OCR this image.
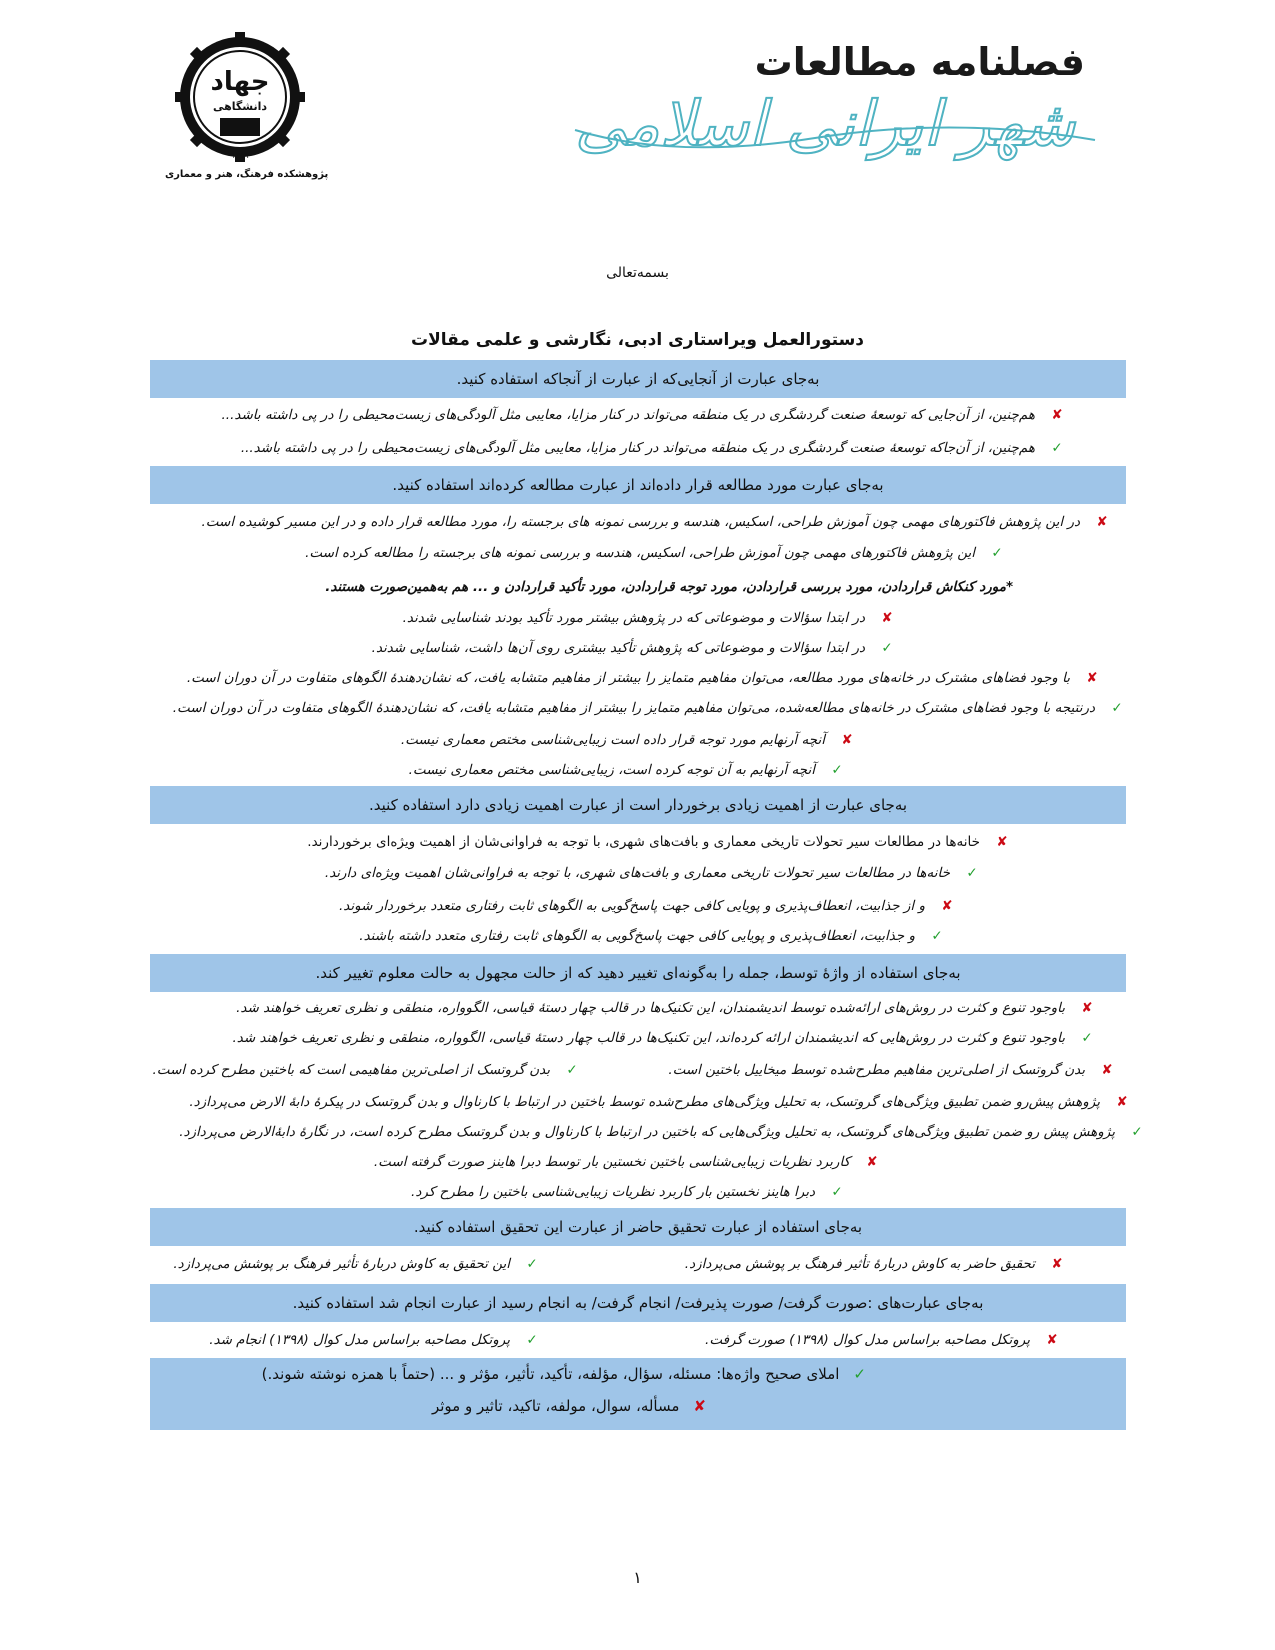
جهاد
دانشگاهی
۱۳۵۹
پژوهشکده فرهنگ، هنر و معماری
فصلنامه مطالعات
شهر ایرانی اسلامی
بسمه‌تعالی
دستورالعمل ویراستاری ادبی، نگارشی و علمی مقالات
به‌جای عبارت از آنجایی‌که از عبارت از آنجاکه استفاده کنید.
✘هم‌چنین، از آن‌جایی که توسعهٔ صنعت گردشگری در یک منطقه می‌تواند در کنار مزایا، معایبی مثل آلودگی‌های زیست‌محیطی را در پی داشته باشد...
✓هم‌چنین، از آن‌جاکه توسعهٔ صنعت گردشگری در یک منطقه می‌تواند در کنار مزایا، معایبی مثل آلودگی‌های زیست‌محیطی را در پی داشته باشد...
به‌جای عبارت مورد مطالعه قرار داده‌اند از عبارت مطالعه کرده‌اند استفاده کنید.
✘در این پژوهش فاکتورهای مهمی چون آموزش طراحی، اسکیس، هندسه و بررسی نمونه های برجسته را، مورد مطالعه قرار داده و در این مسیر کوشیده است.
✓این پژوهش فاکتورهای مهمی چون آموزش طراحی، اسکیس، هندسه و بررسی نمونه های برجسته را مطالعه کرده است.
*مورد کنکاش قراردادن، مورد بررسی قراردادن، مورد توجه قراردادن، مورد تأکید قراردادن و ... هم به‌همین‌صورت هستند.
✘در ابتدا سؤالات و موضوعاتی که در پژوهش بیشتر مورد تأکید بودند شناسایی شدند.
✓در ابتدا سؤالات و موضوعاتی که پژوهش تأکید بیشتری روی آن‌ها داشت، شناسایی شدند.
✘با وجود فضاهای مشترک در خانه‌های مورد مطالعه، می‌توان مفاهیم متمایز را بیشتر از مفاهیم متشابه یافت، که نشان‌دهندهٔ الگوهای متفاوت در آن دوران است.
✓درنتیجه با وجود فضاهای مشترک در خانه‌های مطالعه‌شده، می‌توان مفاهیم متمایز را بیشتر از مفاهیم متشابه یافت، که نشان‌دهندهٔ الگوهای متفاوت در آن دوران است.
✘آنچه آرنهایم مورد توجه قرار داده است زیبایی‌شناسی مختص معماری نیست.
✓آنچه آرنهایم به آن توجه کرده است، زیبایی‌شناسی مختص معماری نیست.
به‌جای عبارت از اهمیت زیادی برخوردار است از عبارت اهمیت زیادی دارد استفاده کنید.
✘خانه‌ها در مطالعات سیر تحولات تاریخی معماری و بافت‌های شهری، با توجه به فراوانی‌شان از اهمیت ویژه‌ای برخوردارند.
✓خانه‌ها در مطالعات سیر تحولات تاریخی معماری و بافت‌های شهری، با توجه به فراوانی‌شان اهمیت ویژه‌ای دارند.
✘و از جذابیت، انعطاف‌پذیری و پویایی کافی جهت پاسخ‌گویی به الگوهای ثابت رفتاری متعدد برخوردار شوند.
✓و جذابیت، انعطاف‌پذیری و پویایی کافی جهت پاسخ‌گویی به الگوهای ثابت رفتاری متعدد داشته باشند.
به‌جای استفاده از واژهٔ توسط، جمله را به‌گونه‌ای تغییر دهید که از حالت مجهول به حالت معلوم تغییر کند.
✘باوجود تنوع و کثرت در روش‌های ارائه‌شده توسط اندیشمندان، این تکنیک‌ها در قالب چهار دستهٔ قیاسی، الگوواره، منطقی و نظری تعریف خواهند شد.
✓باوجود تنوع و کثرت در روش‌هایی که اندیشمندان ارائه کرده‌اند، این تکنیک‌ها در قالب چهار دستهٔ قیاسی، الگوواره، منطقی و نظری تعریف خواهند شد.
✘بدن گروتسک از اصلی‌ترین مفاهیم مطرح‌شده توسط میخاییل باختین است.
✓بدن گروتسک از اصلی‌ترین مفاهیمی است که باختین مطرح کرده است.
✘پژوهش پیش‌رو ضمن تطبیق ویژگی‌های گروتسک، به تحلیل ویژگی‌های مطرح‌شده توسط باختین در ارتباط با کارناوال و بدن گروتسک در پیکرهٔ دابهٔ الارض می‌پردازد.
✓پژوهش پیش رو ضمن تطبیق ویژگی‌های گروتسک، به تحلیل ویژگی‌هایی که باختین در ارتباط با کارناوال و بدن گروتسک مطرح کرده است، در نگارهٔ دابهٔ‌الارض می‌پردازد.
✘کاربرد نظریات زیبایی‌شناسی باختین نخستین بار توسط دبرا هاینز صورت گرفته است.
✓دبرا هاینز نخستین بار کاربرد نظریات زیبایی‌شناسی باختین را مطرح کرد.
به‌جای استفاده از عبارت تحقیق حاضر از عبارت این تحقیق استفاده کنید.
✘تحقیق حاضر به کاوش دربارهٔ تأثیر فرهنگ بر پوشش می‌پردازد.
✓این تحقیق به کاوش دربارهٔ تأثیر فرهنگ بر پوشش می‌پردازد.
به‌جای عبارت‌های :صورت گرفت/ صورت پذیرفت/ انجام گرفت/ به انجام رسید از عبارت انجام شد استفاده کنید.
✘پروتکل مصاحبه براساس مدل کوال (۱۳۹۸) صورت گرفت.
✓پروتکل مصاحبه براساس مدل کوال (۱۳۹۸) انجام شد.
✓املای صحیح واژه‌ها: مسئله، سؤال، مؤلفه، تأکید، تأثیر، مؤثر و ... (حتماً با همزه نوشته شوند.)
✘مسأله، سوال، مولفه، تاکید، تاثیر و موثر
۱
